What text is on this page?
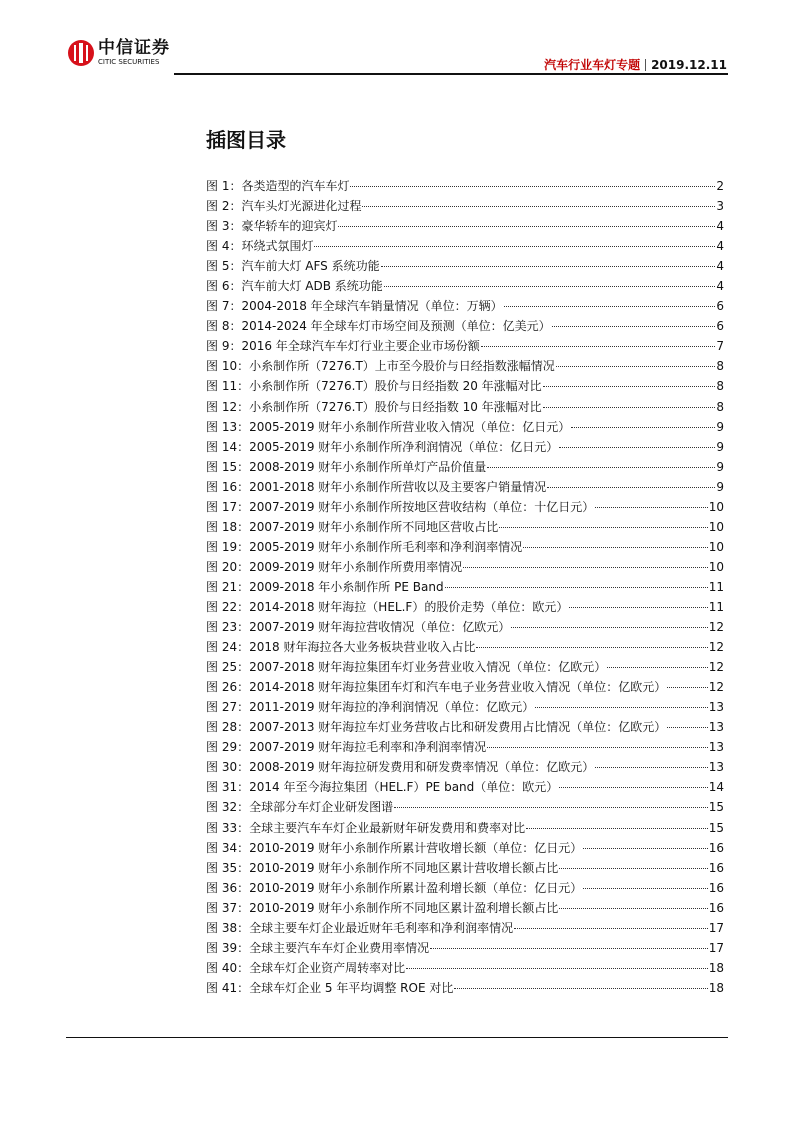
中信证券
CITIC SECURITIES	汽车行业车灯专题 2019.12.11
插图目录
图 1：各类造型的汽车车灯	2
图 2：汽车头灯光源进化过程	3
图 3：豪华轿车的迎宾灯	4
图 4：环绕式氛围灯	4
图 5：汽车前大灯 AFS 系统功能	4
图 6：汽车前大灯 ADB 系统功能	4
图 7：2004-2018 年全球汽车销量情况（单位：万辆）	6
图 8：2014-2024 年全球车灯市场空间及预测（单位：亿美元）	6
图 9：2016 年全球汽车车灯行业主要企业市场份额	7
图 10：小糸制作所（7276.T）上市至今股价与日经指数涨幅情况	8
图 11：小糸制作所（7276.T）股价与日经指数 20 年涨幅对比	8
图 12：小糸制作所（7276.T）股价与日经指数 10 年涨幅对比	8
图 13：2005-2019 财年小糸制作所营业收入情况（单位：亿日元）	9
图 14：2005-2019 财年小糸制作所净利润情况（单位：亿日元）	9
图 15：2008-2019 财年小糸制作所单灯产品价值量	9
图 16：2001-2018 财年小糸制作所营收以及主要客户销量情况	9
图 17：2007-2019 财年小糸制作所按地区营收结构（单位：十亿日元）	10
图 18：2007-2019 财年小糸制作所不同地区营收占比	10
图 19：2005-2019 财年小糸制作所毛利率和净利润率情况	10
图 20：2009-2019 财年小糸制作所费用率情况	10
图 21：2009-2018 年小糸制作所 PE Band	11
图 22：2014-2018 财年海拉（HEL.F）的股价走势（单位：欧元）	11
图 23：2007-2019 财年海拉营收情况（单位：亿欧元）	12
图 24：2018 财年海拉各大业务板块营业收入占比	12
图 25：2007-2018 财年海拉集团车灯业务营业收入情况（单位：亿欧元）	12
图 26：2014-2018 财年海拉集团车灯和汽车电子业务营业收入情况（单位：亿欧元）	12
图 27：2011-2019 财年海拉的净利润情况（单位：亿欧元）	13
图 28：2007-2013 财年海拉车灯业务营收占比和研发费用占比情况（单位：亿欧元）	13
图 29：2007-2019 财年海拉毛利率和净利润率情况	13
图 30：2008-2019 财年海拉研发费用和研发费率情况（单位：亿欧元）	13
图 31：2014 年至今海拉集团（HEL.F）PE band（单位：欧元）	14
图 32：全球部分车灯企业研发图谱	15
图 33：全球主要汽车车灯企业最新财年研发费用和费率对比	15
图 34：2010-2019 财年小糸制作所累计营收增长额（单位：亿日元）	16
图 35：2010-2019 财年小糸制作所不同地区累计营收增长额占比	16
图 36：2010-2019 财年小糸制作所累计盈利增长额（单位：亿日元）	16
图 37：2010-2019 财年小糸制作所不同地区累计盈利增长额占比	16
图 38：全球主要车灯企业最近财年毛利率和净利润率情况	17
图 39：全球主要汽车车灯企业费用率情况	17
图 40：全球车灯企业资产周转率对比	18
图 41：全球车灯企业 5 年平均调整 ROE 对比	18
